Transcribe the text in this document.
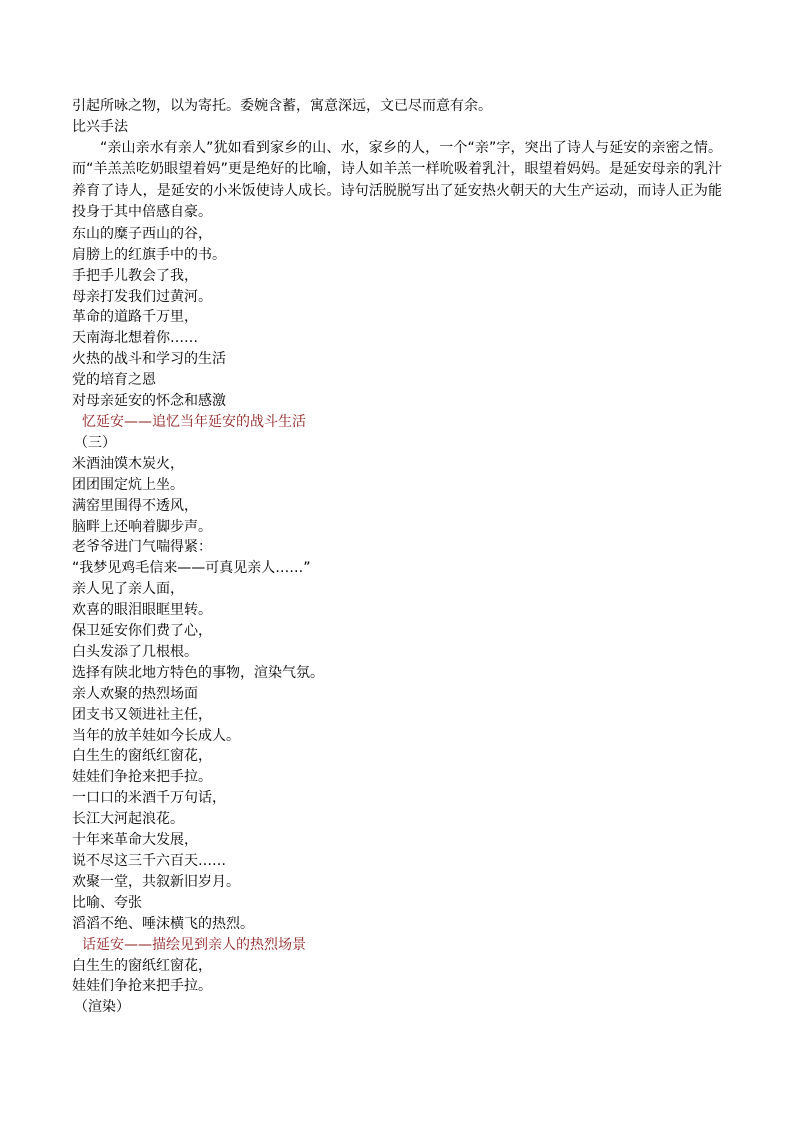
引起所咏之物，以为寄托。委婉含蓄，寓意深远，文已尽而意有余。

比兴手法

“亲山亲水有亲人”犹如看到家乡的山、水，家乡的人，一个“亲”字，突出了诗人与延安的亲密之情。而“羊羔羔吃奶眼望着妈”更是绝好的比喻，诗人如羊羔一样吮吸着乳汁，眼望着妈妈。是延安母亲的乳汁养育了诗人，是延安的小米饭使诗人成长。诗句活脱脱写出了延安热火朝天的大生产运动，而诗人正为能投身于其中倍感自豪。

东山的糜子西山的谷，

肩膀上的红旗手中的书。

手把手儿教会了我，

母亲打发我们过黄河。

革命的道路千万里，

天南海北想着你……

火热的战斗和学习的生活

党的培育之恩

对母亲延安的怀念和感激

忆延安——追忆当年延安的战斗生活

（三）

米酒油馍木炭火，

团团围定炕上坐。

满窑里围得不透风，

脑畔上还响着脚步声。

老爷爷进门气喘得紧：

“我梦见鸡毛信来——可真见亲人……”

亲人见了亲人面，

欢喜的眼泪眼眶里转。

保卫延安你们费了心，

白头发添了几根根。

选择有陕北地方特色的事物，渲染气氛。

亲人欢聚的热烈场面

团支书又领进社主任，

当年的放羊娃如今长成人。

白生生的窗纸红窗花，

娃娃们争抢来把手拉。

一口口的米酒千万句话，

长江大河起浪花。

十年来革命大发展，

说不尽这三千六百天……

欢聚一堂，共叙新旧岁月。

比喻、夸张

滔滔不绝、唾沫横飞的热烈。

话延安——描绘见到亲人的热烈场景

白生生的窗纸红窗花，

娃娃们争抢来把手拉。

（渲染）
